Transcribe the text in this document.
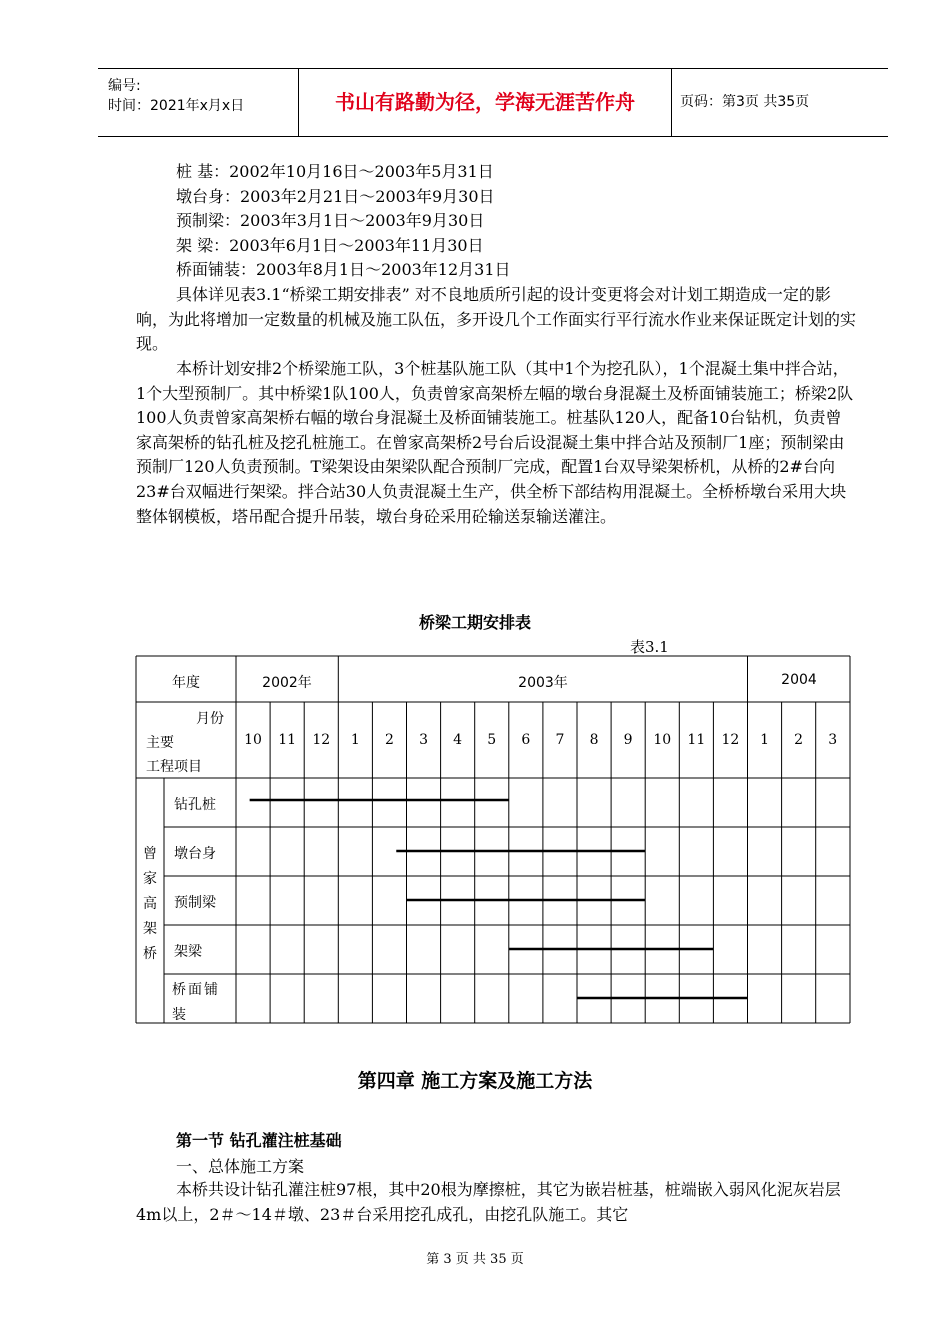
编号:
时间：2021年x月x日	书山有路勤为径，学海无涯苦作舟	页码：第3页 共35页
桩 基：2002年10月16日～2003年5月31日
墩台身：2003年2月21日～2003年9月30日
预制梁：2003年3月1日～2003年9月30日
架 梁：2003年6月1日～2003年11月30日
桥面铺装：2003年8月1日～2003年12月31日

具体详见表3.1“桥梁工期安排表” 对不良地质所引起的设计变更将会对计划工期造成一定的影响，为此将增加一定数量的机械及施工队伍，多开设几个工作面实行平行流水作业来保证既定计划的实现。

本桥计划安排2个桥梁施工队，3个桩基队施工队（其中1个为挖孔队），1个混凝土集中拌合站，1个大型预制厂。其中桥梁1队100人，负责曾家高架桥左幅的墩台身混凝土及桥面铺装施工；桥梁2队100人负责曾家高架桥右幅的墩台身混凝土及桥面铺装施工。桩基队120人，配备10台钻机，负责曾家高架桥的钻孔桩及挖孔桩施工。在曾家高架桥2号台后设混凝土集中拌合站及预制厂1座；预制梁由预制厂120人负责预制。T梁架设由架梁队配合预制厂完成，配置1台双导梁架桥机，从桥的2#台向23#台双幅进行架梁。拌合站30人负责混凝土生产，供全桥下部结构用混凝土。全桥桥墩台采用大块整体钢模板，塔吊配合提升吊装，墩台身砼采用砼输送泵输送灌注。

桥梁工期安排表
表3.1
年度	2002年	2003年	2004
月份
主要
工程项目
10	11	12	1	2	3	4	5	6	7	8	9	10	11	12	1	2	3
曾
家
高
架
桥
钻孔桩
墩台身
预制梁
架梁
桥面铺装
第四章 施工方案及施工方法
第一节 钻孔灌注桩基础
一、总体施工方案

本桥共设计钻孔灌注桩97根，其中20根为摩擦桩，其它为嵌岩桩基，桩端嵌入弱风化泥灰岩层4m以上，2＃～14＃墩、23＃台采用挖孔成孔，由挖孔队施工。其它

第 3 页 共 35 页
